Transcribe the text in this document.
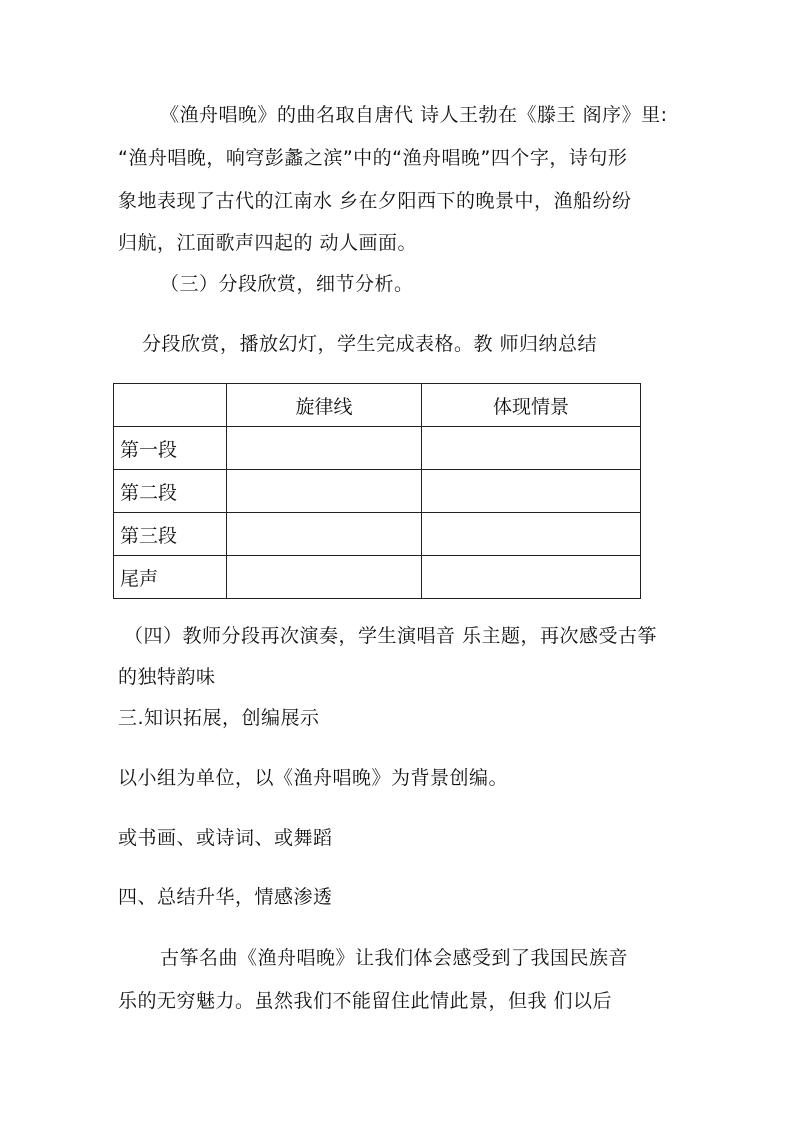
《渔舟唱晚》的曲名取自唐代 诗人王勃在《滕王 阁序》里:
“渔舟唱晚，响穹彭蠡之滨”中的“渔舟唱晚”四个字，诗句形
象地表现了古代的江南水 乡在夕阳西下的晚景中，渔船纷纷
归航，江面歌声四起的 动人画面。
（三）分段欣赏，细节分析。
分段欣赏，播放幻灯，学生完成表格。教 师归纳总结
	旋律线	体现情景
第一段		
第二段		
第三段		
尾声		
（四）教师分段再次演奏，学生演唱音 乐主题，再次感受古筝
的独特韵味
三.知识拓展，创编展示
以小组为单位，以《渔舟唱晚》为背景创编。
或书画、或诗词、或舞蹈
四、总结升华，情感渗透
古筝名曲《渔舟唱晚》让我们体会感受到了我国民族音
乐的无穷魅力。虽然我们不能留住此情此景，但我 们以后
